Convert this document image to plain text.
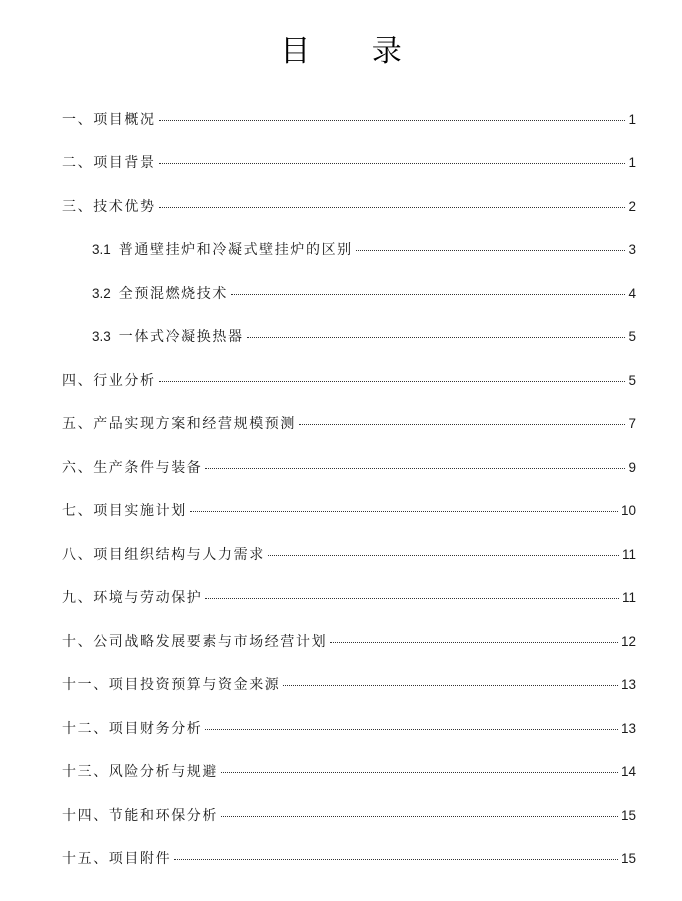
目 录
一、项目概况	1
二、项目背景	1
三、技术优势	2
3.1 普通壁挂炉和冷凝式壁挂炉的区别	3
3.2 全预混燃烧技术	4
3.3 一体式冷凝换热器	5
四、行业分析	5
五、产品实现方案和经营规模预测	7
六、生产条件与装备	9
七、项目实施计划	10
八、项目组织结构与人力需求	11
九、环境与劳动保护	11
十、公司战略发展要素与市场经营计划	12
十一、项目投资预算与资金来源	13
十二、项目财务分析	13
十三、风险分析与规避	14
十四、节能和环保分析	15
十五、项目附件	15
